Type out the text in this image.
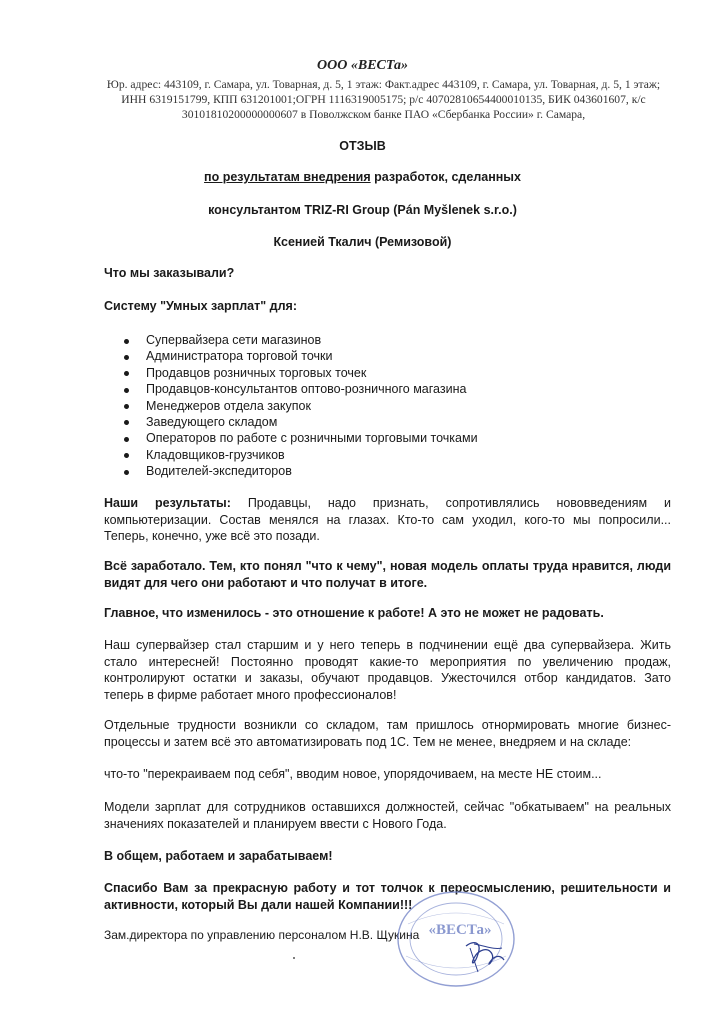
ООО «ВЕСТа»
Юр. адрес: 443109, г. Самара, ул. Товарная, д. 5, 1 этаж: Факт.адрес 443109, г. Самара, ул. Товарная, д. 5, 1 этаж; ИНН 6319151799, КПП 631201001;ОГРН 1116319005175; р/с 40702810654400010135, БИК 043601607, к/с 30101810200000000607 в Поволжском банке ПАО «Сбербанка России» г. Самара,
ОТЗЫВ
по результатам внедрения разработок, сделанных
консультантом TRIZ-RI Group (Pán Myšlenek s.r.o.)
Ксенией Ткалич (Ремизовой)
Что мы заказывали?
Систему "Умных зарплат" для:
Супервайзера сети магазинов
Администратора торговой точки
Продавцов розничных торговых точек
Продавцов-консультантов оптово-розничного магазина
Менеджеров отдела закупок
Заведующего складом
Операторов по работе с розничными торговыми точками
Кладовщиков-грузчиков
Водителей-экспедиторов
Наши результаты: Продавцы, надо признать, сопротивлялись нововведениям и компьютеризации. Состав менялся на глазах. Кто-то сам уходил, кого-то мы попросили... Теперь, конечно, уже всё это позади.
Всё заработало. Тем, кто понял "что к чему", новая модель оплаты труда нравится, люди видят для чего они работают и что получат в итоге.
Главное, что изменилось - это отношение к работе! А это не может не радовать.
Наш супервайзер стал старшим и у него теперь в подчинении ещё два супервайзера. Жить стало интересней! Постоянно проводят какие-то мероприятия по увеличению продаж, контролируют остатки и заказы, обучают продавцов. Ужесточился отбор кандидатов. Зато теперь в фирме работает много профессионалов!
Отдельные трудности возникли со складом, там пришлось отнормировать многие бизнес-процессы и затем всё это автоматизировать под 1С. Тем не менее, внедряем и на складе:
что-то "перекраиваем под себя", вводим новое, упорядочиваем, на месте НЕ стоим...
Модели зарплат для сотрудников оставшихся должностей, сейчас "обкатываем" на реальных значениях показателей и планируем ввести с Нового Года.
В общем, работаем и зарабатываем!
Спасибо Вам за прекрасную работу и тот толчок к переосмыслению, решительности и активности, который Вы дали нашей Компании!!!
Зам.директора по управлению персоналом Н.В. Щукина «ВЕСТа»
